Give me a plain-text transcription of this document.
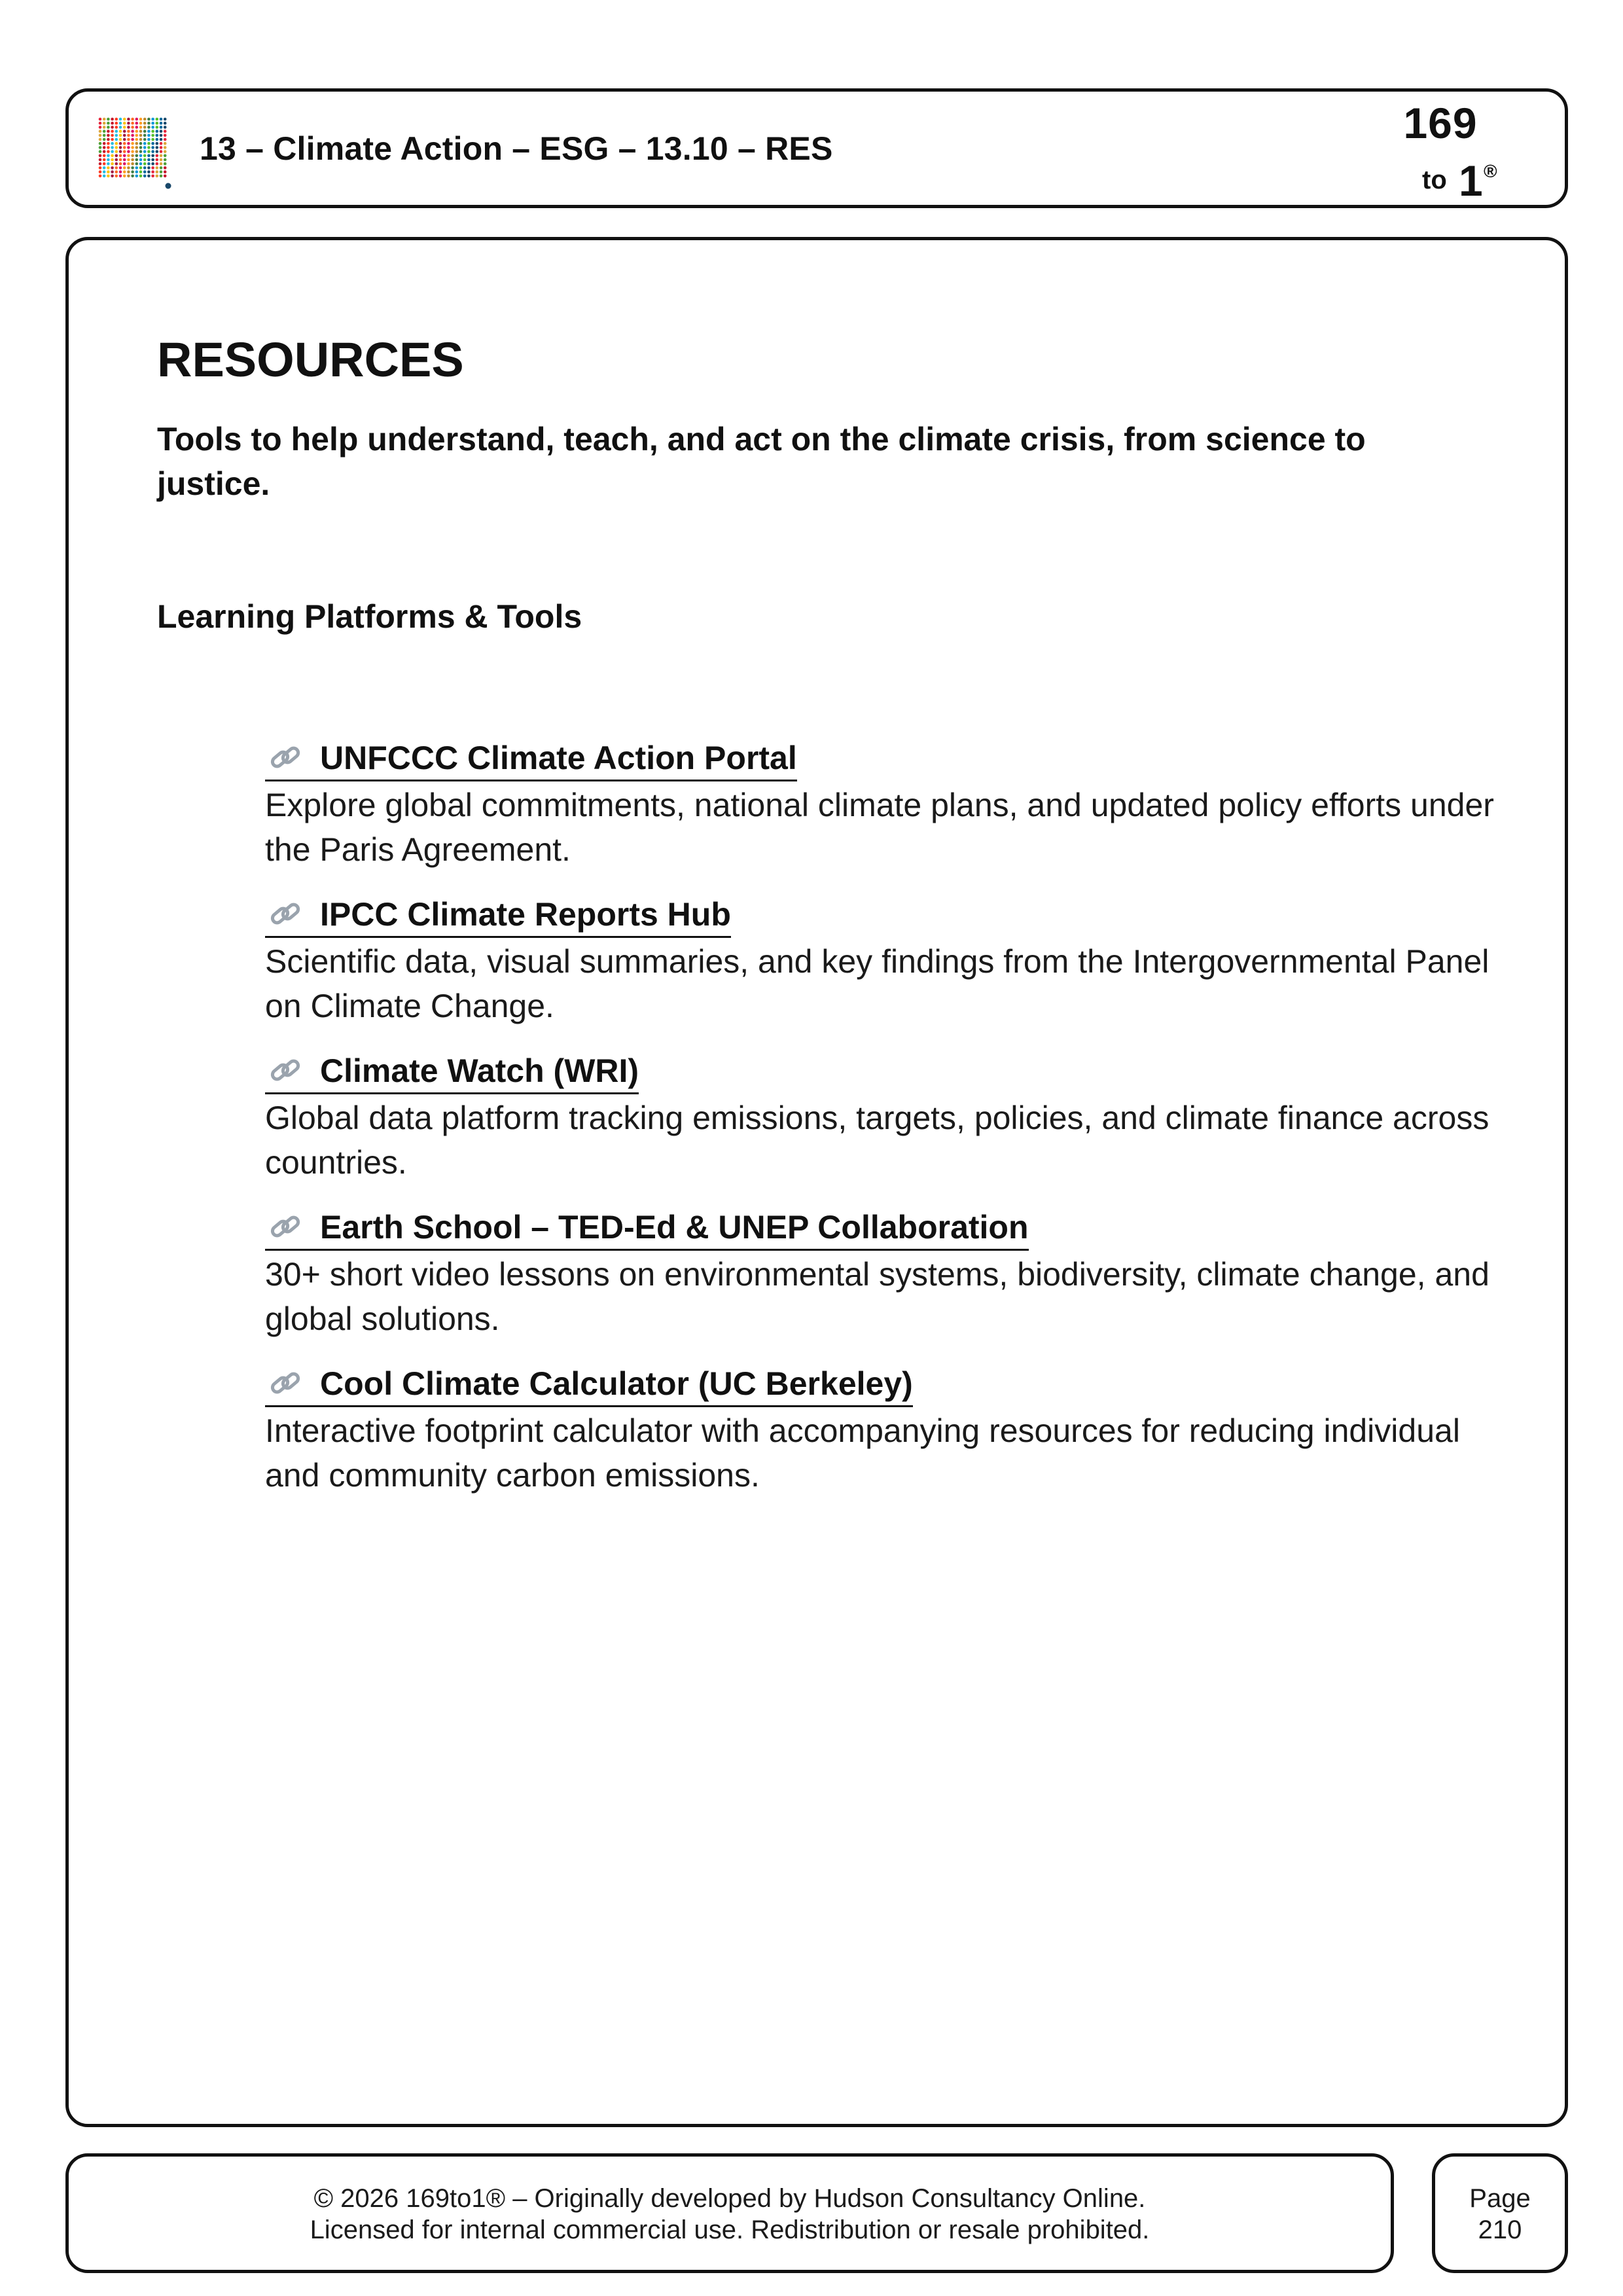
13 – Climate Action – ESG – 13.10 – RES
169
to 1 ®
RESOURCES

Tools to help understand, teach, and act on the climate crisis, from science to justice.

Learning Platforms & Tools
UNFCCC Climate Action Portal

Explore global commitments, national climate plans, and updated policy efforts under the Paris Agreement.

IPCC Climate Reports Hub

Scientific data, visual summaries, and key findings from the Intergovernmental Panel on Climate Change.

Climate Watch (WRI)

Global data platform tracking emissions, targets, policies, and climate finance across countries.

Earth School – TED-Ed & UNEP Collaboration

30+ short video lessons on environmental systems, biodiversity, climate change, and global solutions.

Cool Climate Calculator (UC Berkeley)

Interactive footprint calculator with accompanying resources for reducing individual and community carbon emissions.

© 2026 169to1® – Originally developed by Hudson Consultancy Online.
Licensed for internal commercial use. Redistribution or resale prohibited.
Page
210
